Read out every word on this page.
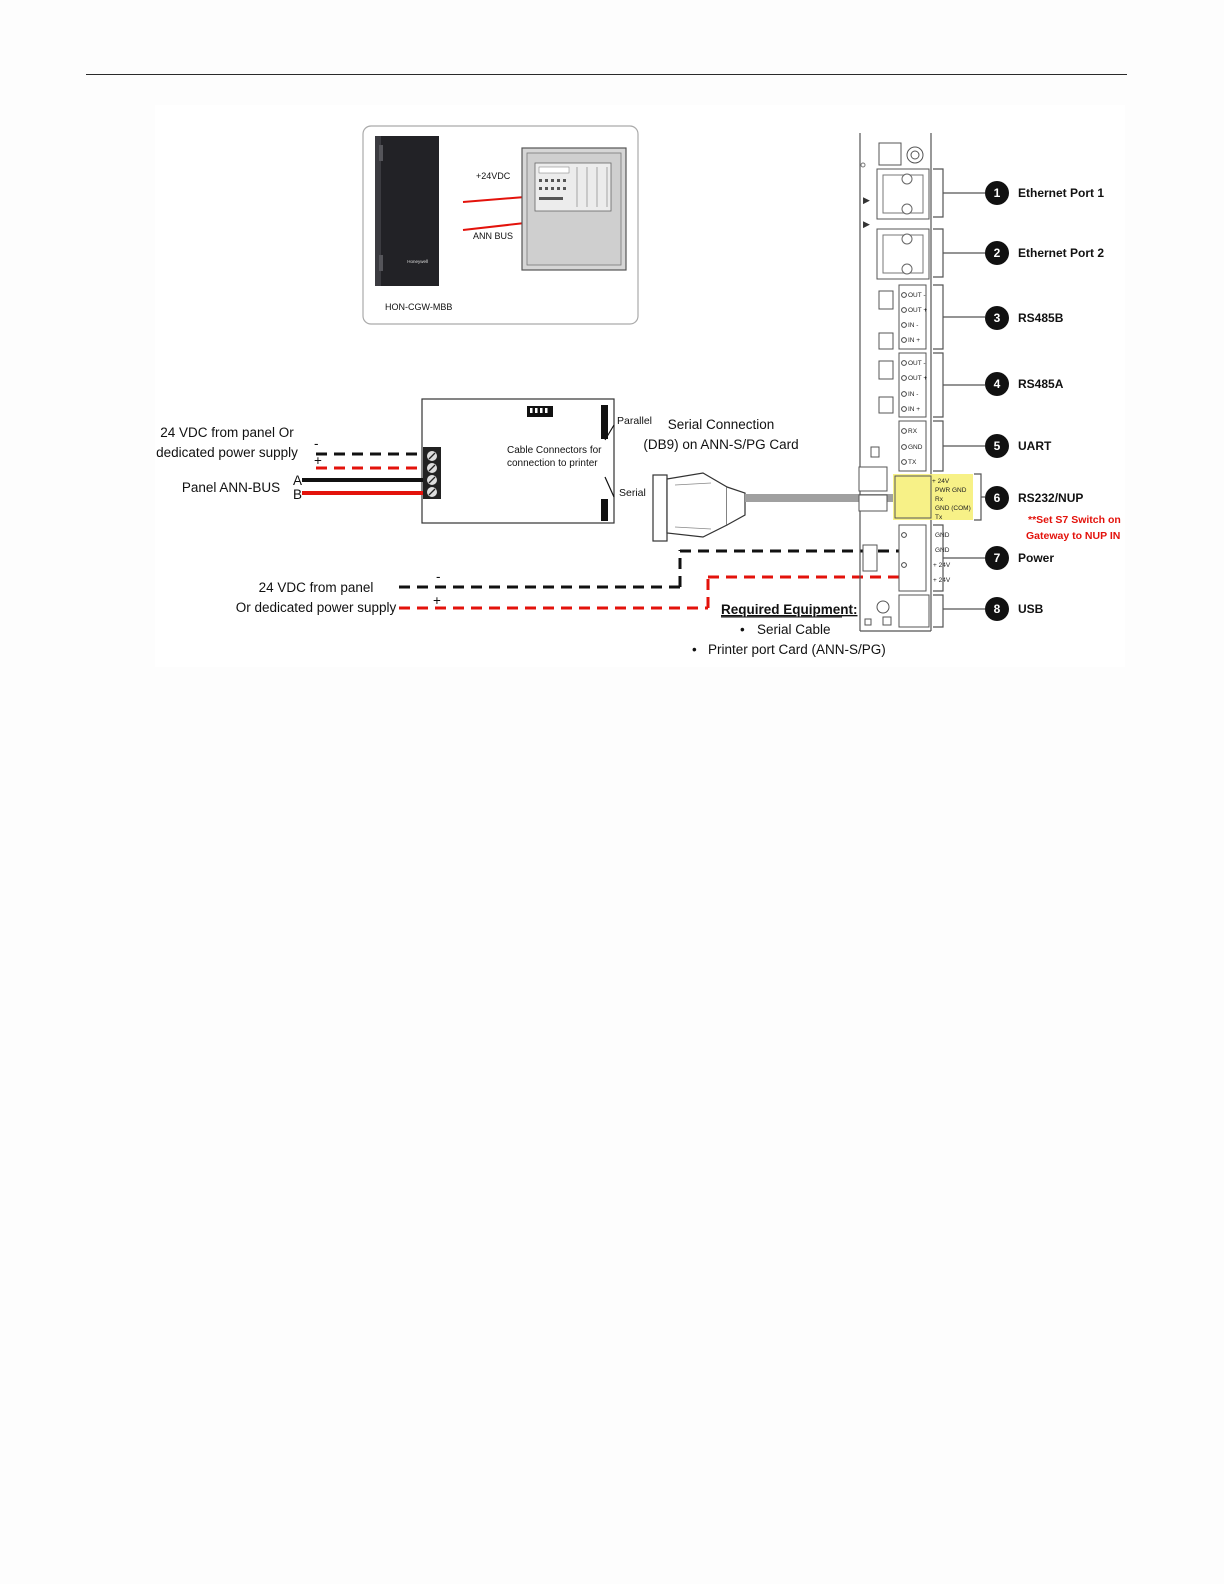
Honeywell
HON-CGW-MBB
+24VDC
ANN BUS
Cable Connectors for
connection to printer
Parallel
Serial
24 VDC from panel Or
dedicated power supply
-
+
Panel ANN-BUS A
B
Serial Connection
(DB9) on ANN-S/PG Card
24 VDC from panel
Or dedicated power supply
-
+
Required Equipment:
• Serial Cable
• Printer port Card (ANN-S/PG)
▶
▶
OUT -
OUT +
IN -
IN +
OUT -
OUT +
IN -
IN +
RX
GND
TX
+ 24V
PWR GND
Rx
GND (COM)
Tx
GND
GND
+ 24V
+ 24V
1 Ethernet Port 1
2 Ethernet Port 2
3 RS485B
4 RS485A
5 UART
6 RS232/NUP
7 Power
8 USB
**Set S7 Switch on
Gateway to NUP IN
